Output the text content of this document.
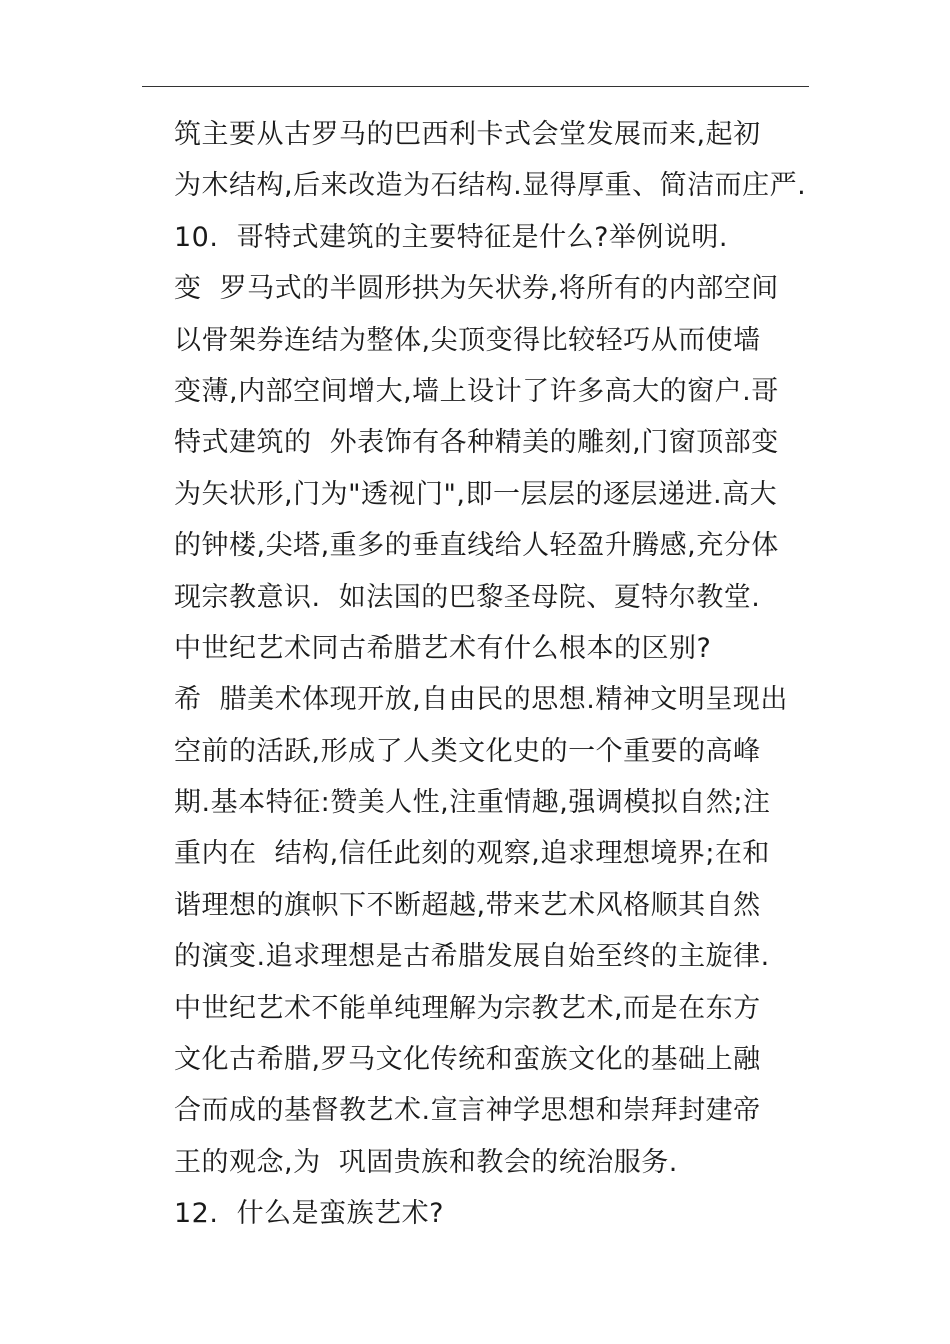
筑主要从古罗马的巴西利卡式会堂发展而来,起初
为木结构,后来改造为石结构.显得厚重、简洁而庄严.
10.  哥特式建筑的主要特征是什么?举例说明.
变  罗马式的半圆形拱为矢状券,将所有的内部空间
以骨架券连结为整体,尖顶变得比较轻巧从而使墙
变薄,内部空间增大,墙上设计了许多高大的窗户.哥
特式建筑的  外表饰有各种精美的雕刻,门窗顶部变
为矢状形,门为"透视门",即一层层的逐层递进.高大
的钟楼,尖塔,重多的垂直线给人轻盈升腾感,充分体
现宗教意识.  如法国的巴黎圣母院、夏特尔教堂.
中世纪艺术同古希腊艺术有什么根本的区别?
希  腊美术体现开放,自由民的思想.精神文明呈现出
空前的活跃,形成了人类文化史的一个重要的高峰
期.基本特征:赞美人性,注重情趣,强调模拟自然;注
重内在  结构,信任此刻的观察,追求理想境界;在和
谐理想的旗帜下不断超越,带来艺术风格顺其自然
的演变.追求理想是古希腊发展自始至终的主旋律.
中世纪艺术不能单纯理解为宗教艺术,而是在东方
文化古希腊,罗马文化传统和蛮族文化的基础上融
合而成的基督教艺术.宣言神学思想和崇拜封建帝
王的观念,为  巩固贵族和教会的统治服务.
12.  什么是蛮族艺术?
